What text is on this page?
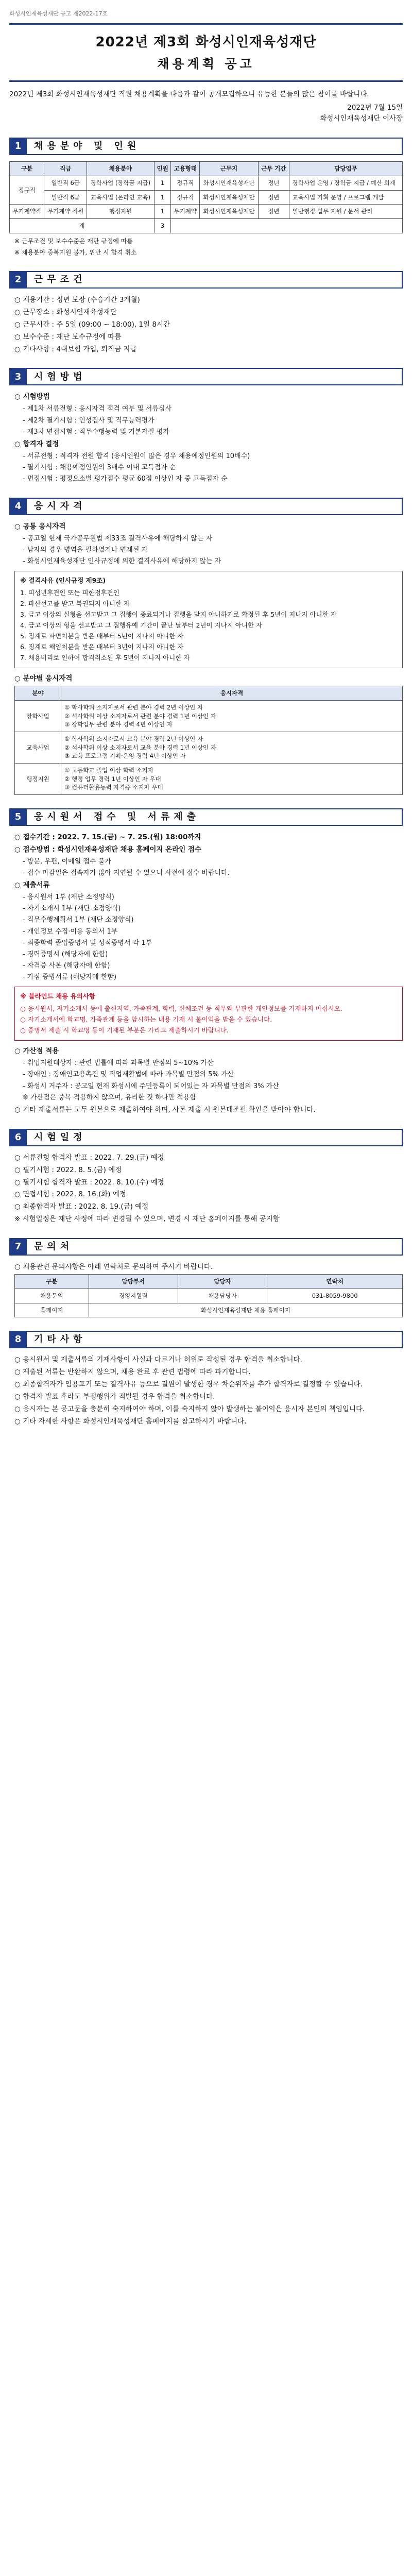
화성시인재육성재단 공고 제2022-17호
2022년 제3회 화성시인재육성재단
채용계획 공고
2022년 제3회 화성시인재육성재단 직원 채용계획을 다음과 같이 공개모집하오니 유능한 분들의 많은 참여를 바랍니다.
2022년 7월 15일
화성시인재육성재단 이사장
1	채용분야 및 인원
구분	직급	채용분야	인원	고용형태	근무지	근무 기간	담당업무
정규직	일반직 6급	장학사업 (장학금 지급)	1	정규직	화성시인재육성재단	정년	장학사업 운영 / 장학금 지급 / 예산 회계
	일반직 6급	교육사업 (온라인 교육)	1	정규직	화성시인재육성재단	정년	교육사업 기획 운영 / 프로그램 개발
무기계약직	무기계약 직원	행정지원	1	무기계약	화성시인재육성재단	정년	일반행정 업무 지원 / 문서 관리
계			3				
※ 근무조건 및 보수수준은 재단 규정에 따름
※ 채용분야 중복지원 불가, 위반 시 합격 취소
2	근무조건
○ 채용기간 : 정년 보장 (수습기간 3개월)
○ 근무장소 : 화성시인재육성재단
○ 근무시간 : 주 5일 (09:00 ~ 18:00), 1일 8시간
○ 보수수준 : 재단 보수규정에 따름
○ 기타사항 : 4대보험 가입, 퇴직금 지급
3	시험방법
○ 시험방법
- 제1차 서류전형 : 응시자격 적격 여부 및 서류심사
- 제2차 필기시험 : 인성검사 및 직무능력평가
- 제3차 면접시험 : 직무수행능력 및 기본자질 평가
○ 합격자 결정
- 서류전형 : 적격자 전원 합격 (응시인원이 많은 경우 채용예정인원의 10배수)
- 필기시험 : 채용예정인원의 3배수 이내 고득점자 순
- 면접시험 : 평정요소별 평가점수 평균 60점 이상인 자 중 고득점자 순
4	응시자격
○ 공통 응시자격
- 공고일 현재 국가공무원법 제33조 결격사유에 해당하지 않는 자
- 남자의 경우 병역을 필하였거나 면제된 자
- 화성시인재육성재단 인사규정에 의한 결격사유에 해당하지 않는 자
※ 결격사유 (인사규정 제9조)
1. 피성년후견인 또는 피한정후견인
2. 파산선고를 받고 복권되지 아니한 자
3. 금고 이상의 실형을 선고받고 그 집행이 종료되거나 집행을 받지 아니하기로 확정된 후 5년이 지나지 아니한 자
4. 금고 이상의 형을 선고받고 그 집행유예 기간이 끝난 날부터 2년이 지나지 아니한 자
5. 징계로 파면처분을 받은 때부터 5년이 지나지 아니한 자
6. 징계로 해임처분을 받은 때부터 3년이 지나지 아니한 자
7. 채용비리로 인하여 합격취소된 후 5년이 지나지 아니한 자
○ 분야별 응시자격
분야	응시자격
장학사업	① 학사학위 소지자로서 관련 분야 경력 2년 이상인 자
② 석사학위 이상 소지자로서 관련 분야 경력 1년 이상인 자
③ 장학업무 관련 분야 경력 4년 이상인 자
교육사업	① 학사학위 소지자로서 교육 분야 경력 2년 이상인 자
② 석사학위 이상 소지자로서 교육 분야 경력 1년 이상인 자
③ 교육 프로그램 기획·운영 경력 4년 이상인 자
행정지원	① 고등학교 졸업 이상 학력 소지자
② 행정 업무 경력 1년 이상인 자 우대
③ 컴퓨터활용능력 자격증 소지자 우대
5	응시원서 접수 및 서류제출
○ 접수기간 : 2022. 7. 15.(금) ~ 7. 25.(월) 18:00까지
○ 접수방법 : 화성시인재육성재단 채용 홈페이지 온라인 접수
- 방문, 우편, 이메일 접수 불가
- 접수 마감일은 접속자가 많아 지연될 수 있으니 사전에 접수 바랍니다.
○ 제출서류
- 응시원서 1부 (재단 소정양식)
- 자기소개서 1부 (재단 소정양식)
- 직무수행계획서 1부 (재단 소정양식)
- 개인정보 수집·이용 동의서 1부
- 최종학력 졸업증명서 및 성적증명서 각 1부
- 경력증명서 (해당자에 한함)
- 자격증 사본 (해당자에 한함)
- 가점 증빙서류 (해당자에 한함)
※ 블라인드 채용 유의사항
○ 응시원서, 자기소개서 등에 출신지역, 가족관계, 학력, 신체조건 등 직무와 무관한 개인정보를 기재하지 마십시오.
○ 자기소개서에 학교명, 가족관계 등을 암시하는 내용 기재 시 불이익을 받을 수 있습니다.
○ 증명서 제출 시 학교명 등이 기재된 부분은 가리고 제출하시기 바랍니다.
○ 가산점 적용
- 취업지원대상자 : 관련 법률에 따라 과목별 만점의 5~10% 가산
- 장애인 : 장애인고용촉진 및 직업재활법에 따라 과목별 만점의 5% 가산
- 화성시 거주자 : 공고일 현재 화성시에 주민등록이 되어있는 자 과목별 만점의 3% 가산
※ 가산점은 중복 적용하지 않으며, 유리한 것 하나만 적용함
○ 기타 제출서류는 모두 원본으로 제출하여야 하며, 사본 제출 시 원본대조필 확인을 받아야 합니다.
6	시험일정
○ 서류전형 합격자 발표 : 2022. 7. 29.(금) 예정
○ 필기시험 : 2022. 8. 5.(금) 예정
○ 필기시험 합격자 발표 : 2022. 8. 10.(수) 예정
○ 면접시험 : 2022. 8. 16.(화) 예정
○ 최종합격자 발표 : 2022. 8. 19.(금) 예정
※ 시험일정은 재단 사정에 따라 변경될 수 있으며, 변경 시 재단 홈페이지를 통해 공지함
7	문의처
○ 채용관련 문의사항은 아래 연락처로 문의하여 주시기 바랍니다.
구분	담당부서	담당자	연락처
채용문의	경영지원팀	채용담당자	031-8059-9800
홈페이지	화성시인재육성재단 채용 홈페이지		
8	기타사항
○ 응시원서 및 제출서류의 기재사항이 사실과 다르거나 허위로 작성된 경우 합격을 취소합니다.
○ 제출된 서류는 반환하지 않으며, 채용 완료 후 관련 법령에 따라 파기합니다.
○ 최종합격자가 임용포기 또는 결격사유 등으로 결원이 발생한 경우 차순위자를 추가 합격자로 결정할 수 있습니다.
○ 합격자 발표 후라도 부정행위가 적발될 경우 합격을 취소합니다.
○ 응시자는 본 공고문을 충분히 숙지하여야 하며, 이를 숙지하지 않아 발생하는 불이익은 응시자 본인의 책임입니다.
○ 기타 자세한 사항은 화성시인재육성재단 홈페이지를 참고하시기 바랍니다.
